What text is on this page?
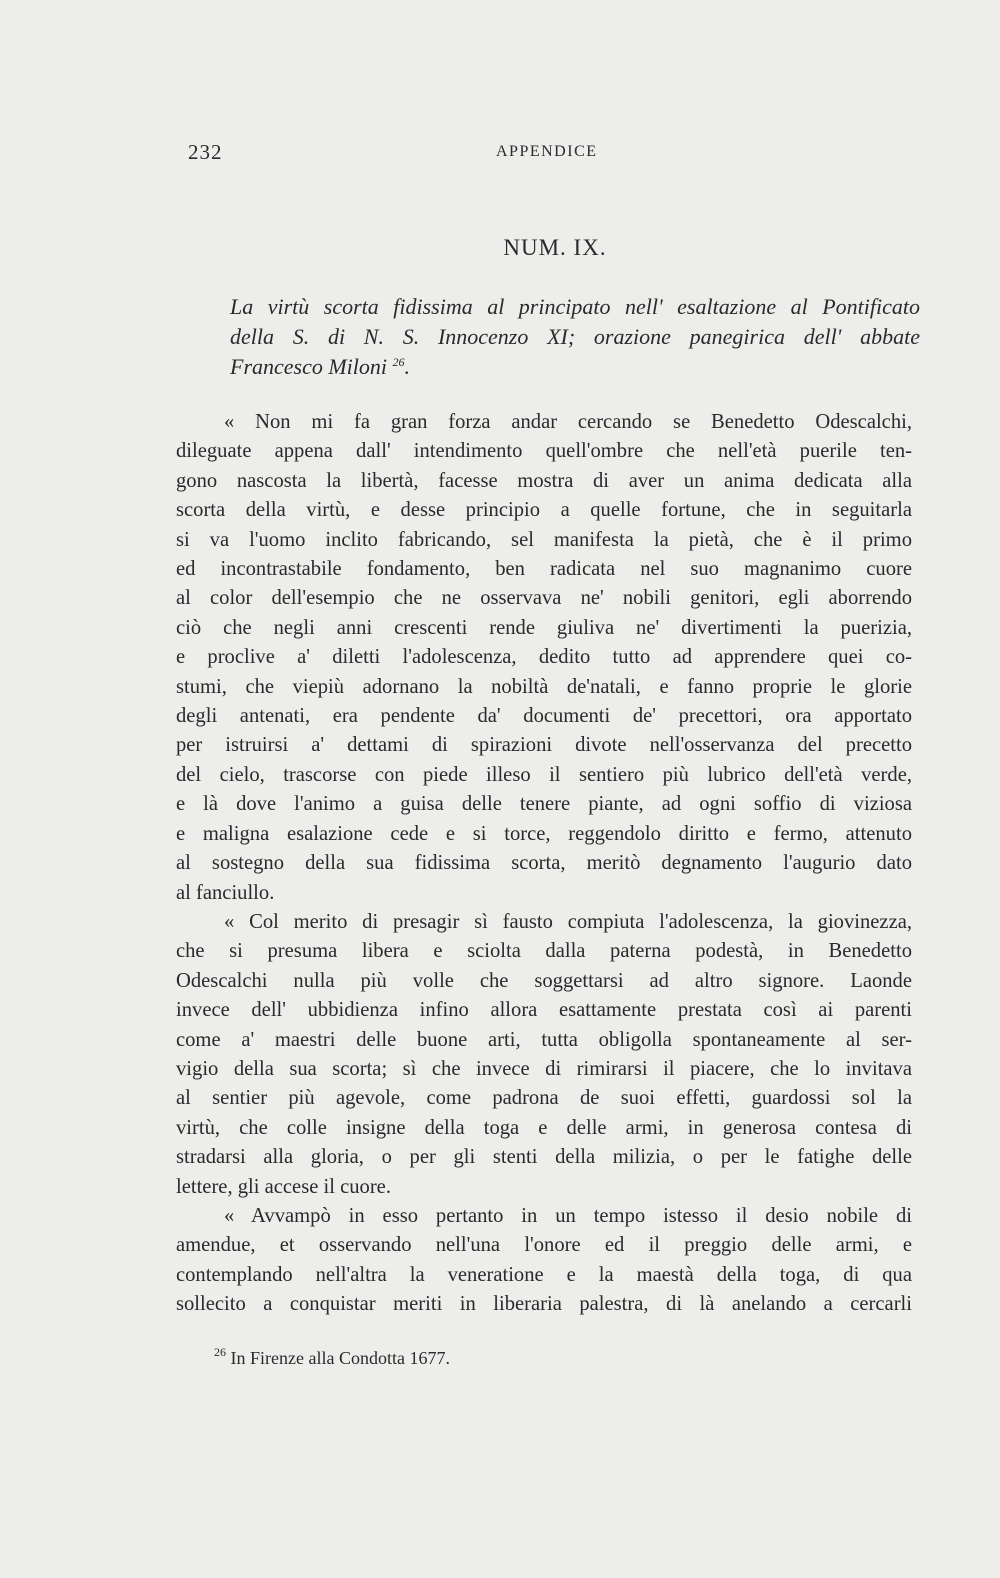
232	APPENDICE
NUM. IX.
La virtù scorta fidissima al principato nell' esaltazione al Pontificato
della S. di N. S. Innocenzo XI; orazione panegirica dell' abbate
Francesco Miloni $^{26}$.

« Non mi fa gran forza andar cercando se Benedetto Odescalchi,
dileguate appena dall' intendimento quell'ombre che nell'età puerile ten-
gono nascosta la libertà, facesse mostra di aver un anima dedicata alla
scorta della virtù, e desse principio a quelle fortune, che in seguitarla
si va l'uomo inclito fabricando, sel manifesta la pietà, che è il primo
ed incontrastabile fondamento, ben radicata nel suo magnanimo cuore
al color dell'esempio che ne osservava ne' nobili genitori, egli aborrendo
ciò che negli anni crescenti rende giuliva ne' divertimenti la puerizia,
e proclive a' diletti l'adolescenza, dedito tutto ad apprendere quei co-
stumi, che viepiù adornano la nobiltà de'natali, e fanno proprie le glorie
degli antenati, era pendente da' documenti de' precettori, ora apportato
per istruirsi a' dettami di spirazioni divote nell'osservanza del precetto
del cielo, trascorse con piede illeso il sentiero più lubrico dell'età verde,
e là dove l'animo a guisa delle tenere piante, ad ogni soffio di viziosa
e maligna esalazione cede e si torce, reggendolo diritto e fermo, attenuto
al sostegno della sua fidissima scorta, meritò degnamento l'augurio dato
al fanciullo.

« Col merito di presagir sì fausto compiuta l'adolescenza, la giovinezza,
che si presuma libera e sciolta dalla paterna podestà, in Benedetto
Odescalchi nulla più volle che soggettarsi ad altro signore. Laonde
invece dell' ubbidienza infino allora esattamente prestata così ai parenti
come a' maestri delle buone arti, tutta obligolla spontaneamente al ser-
vigio della sua scorta; sì che invece di rimirarsi il piacere, che lo invitava
al sentier più agevole, come padrona de suoi effetti, guardossi sol la
virtù, che colle insigne della toga e delle armi, in generosa contesa di
stradarsi alla gloria, o per gli stenti della milizia, o per le fatighe delle
lettere, gli accese il cuore.

« Avvampò in esso pertanto in un tempo istesso il desio nobile di
amendue, et osservando nell'una l'onore ed il preggio delle armi, e
contemplando nell'altra la veneratione e la maestà della toga, di qua
sollecito a conquistar meriti in liberaria palestra, di là anelando a cercarli

$^{26}$ In Firenze alla Condotta 1677.
